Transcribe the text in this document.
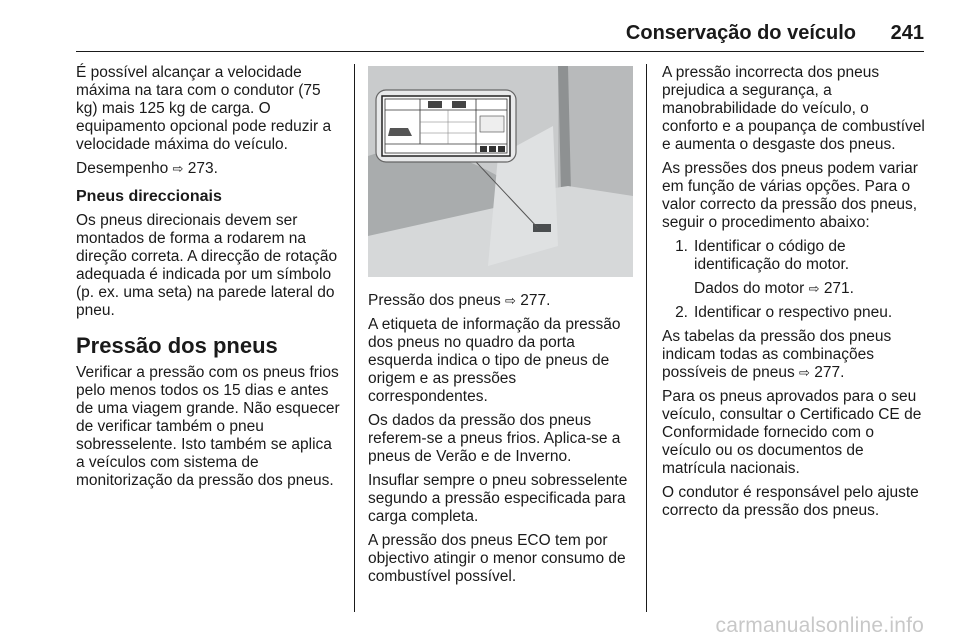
Conservação do veículo 241

É possível alcançar a velocidade máxima na tara com o condutor (75 kg) mais 125 kg de carga. O equipamento opcional pode reduzir a velocidade máxima do veículo.

Desempenho ⇨ 273.

Pneus direccionais

Os pneus direcionais devem ser montados de forma a rodarem na direção correta. A direcção de rotação adequada é indicada por um símbolo (p. ex. uma seta) na parede lateral do pneu.

Pressão dos pneus

Verificar a pressão com os pneus frios pelo menos todos os 15 dias e antes de uma viagem grande. Não esquecer de verificar também o pneu sobresselente. Isto também se aplica a veículos com sistema de monitorização da pressão dos pneus.

Pressão dos pneus ⇨ 277.

A etiqueta de informação da pressão dos pneus no quadro da porta esquerda indica o tipo de pneus de origem e as pressões correspondentes.

Os dados da pressão dos pneus referem-se a pneus frios. Aplica-se a pneus de Verão e de Inverno.

Insuflar sempre o pneu sobresselente segundo a pressão especificada para carga completa.

A pressão dos pneus ECO tem por objectivo atingir o menor consumo de combustível possível.

A pressão incorrecta dos pneus prejudica a segurança, a manobrabilidade do veículo, o conforto e a poupança de combustível e aumenta o desgaste dos pneus.

As pressões dos pneus podem variar em função de várias opções. Para o valor correcto da pressão dos pneus, seguir o procedimento abaixo:

1. Identificar o código de identificação do motor.
Dados do motor ⇨ 271.
2. Identificar o respectivo pneu.

As tabelas da pressão dos pneus indicam todas as combinações possíveis de pneus ⇨ 277.

Para os pneus aprovados para o seu veículo, consultar o Certificado CE de Conformidade fornecido com o veículo ou os documentos de matrícula nacionais.

O condutor é responsável pelo ajuste correcto da pressão dos pneus.

carmanualsonline.info
